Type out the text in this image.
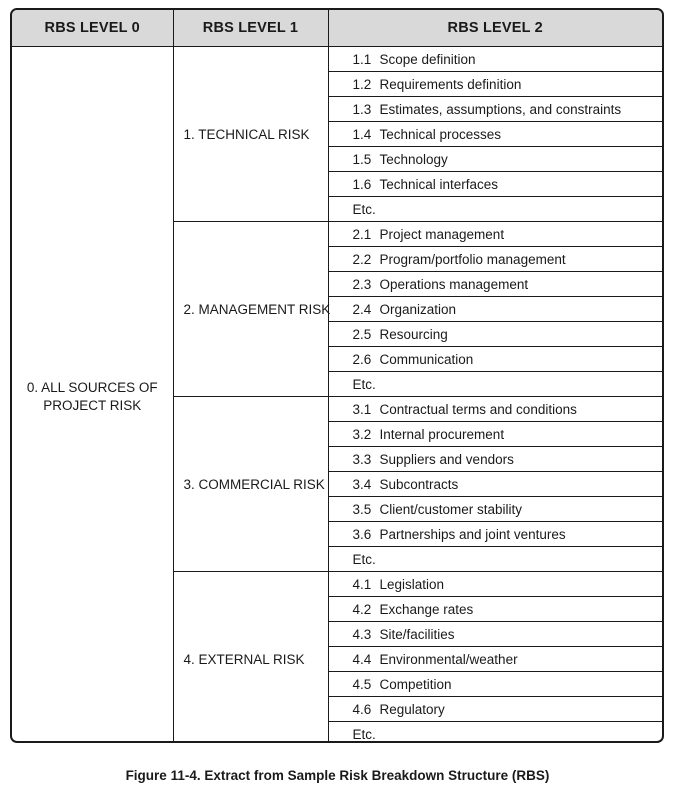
RBS LEVEL 0	RBS LEVEL 1	RBS LEVEL 2
0. ALL SOURCES OF PROJECT RISK	1. TECHNICAL RISK	1.1 Scope definition
		1.2 Requirements definition
		1.3 Estimates, assumptions, and constraints
		1.4 Technical processes
		1.5 Technology
		1.6 Technical interfaces
		Etc.
	2. MANAGEMENT RISK	2.1 Project management
		2.2 Program/portfolio management
		2.3 Operations management
		2.4 Organization
		2.5 Resourcing
		2.6 Communication
		Etc.
	3. COMMERCIAL RISK	3.1 Contractual terms and conditions
		3.2 Internal procurement
		3.3 Suppliers and vendors
		3.4 Subcontracts
		3.5 Client/customer stability
		3.6 Partnerships and joint ventures
		Etc.
	4. EXTERNAL RISK	4.1 Legislation
		4.2 Exchange rates
		4.3 Site/facilities
		4.4 Environmental/weather
		4.5 Competition
		4.6 Regulatory
		Etc.
Figure 11-4. Extract from Sample Risk Breakdown Structure (RBS)
